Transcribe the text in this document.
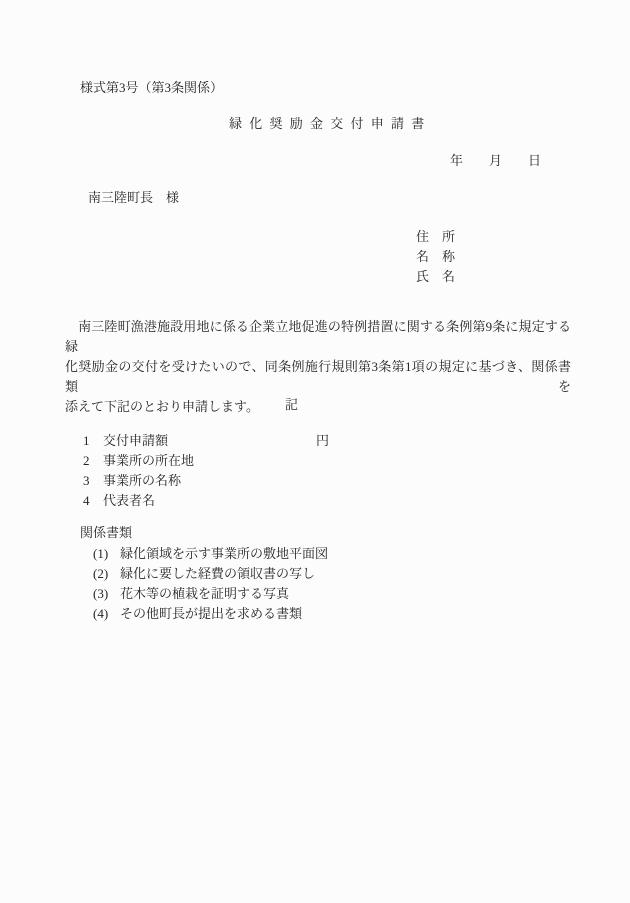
様式第3号（第3条関係）
緑 化 奨 励 金 交 付 申 請 書
年　　月　　日
南三陸町長　様
住　所
名　称
氏　名
　南三陸町漁港施設用地に係る企業立地促進の特例措置に関する条例第9条に規定する緑
化奨励金の交付を受けたいので、同条例施行規則第3条第1項の規定に基づき、関係書類を
添えて下記のとおり申請します。	記
1 交付申請額	円
2 事業所の所在地
3 事業所の名称
4 代表者名
関係書類
(1) 緑化領域を示す事業所の敷地平面図
(2) 緑化に要した経費の領収書の写し
(3) 花木等の植栽を証明する写真
(4) その他町長が提出を求める書類
